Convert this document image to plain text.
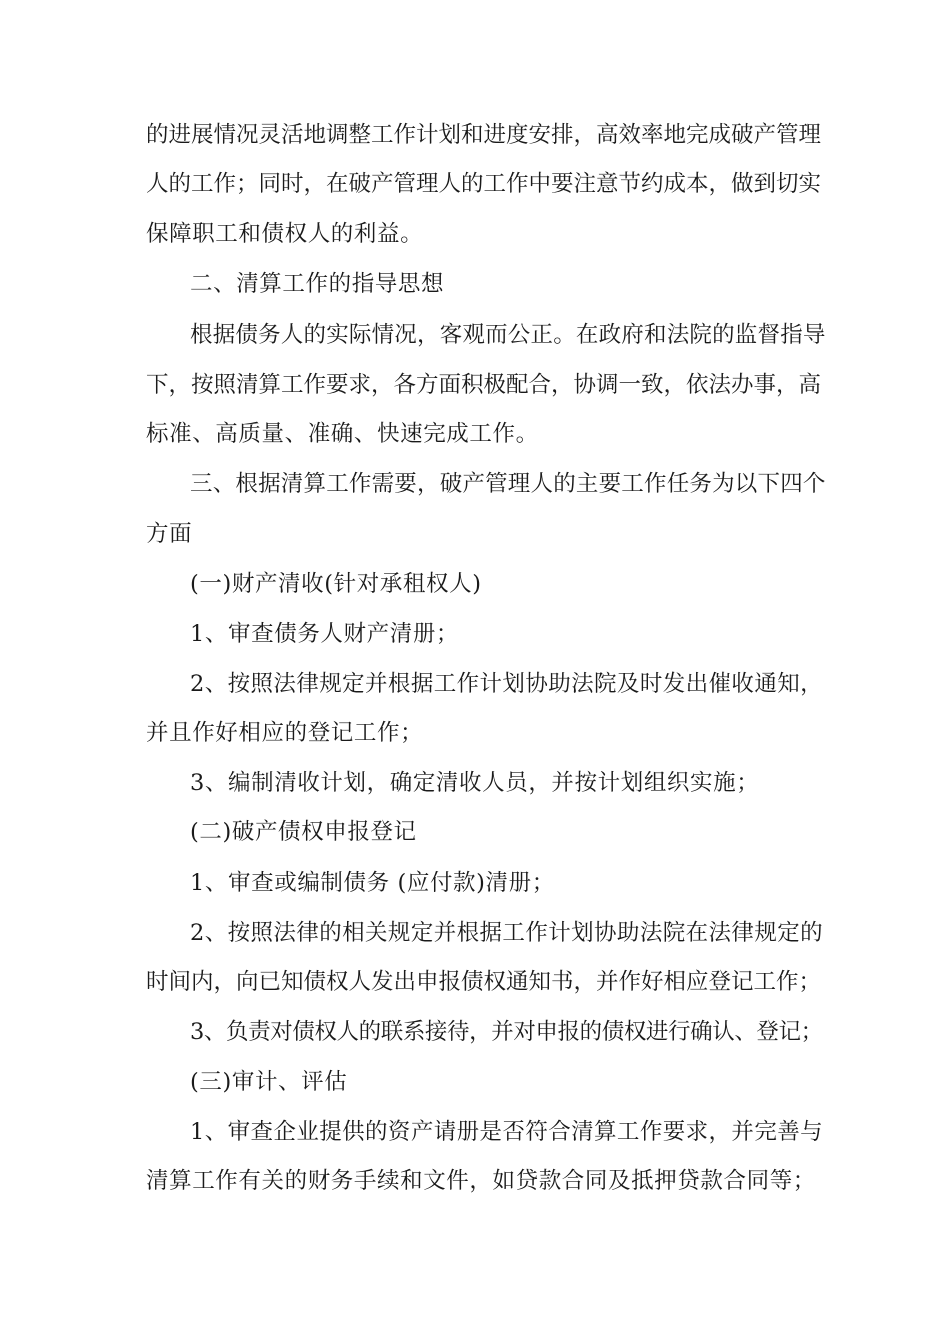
的进展情况灵活地调整工作计划和进度安排，高效率地完成破产管理
人的工作；同时，在破产管理人的工作中要注意节约成本，做到切实
保障职工和债权人的利益。
二、清算工作的指导思想
根据债务人的实际情况，客观而公正。在政府和法院的监督指导
下，按照清算工作要求，各方面积极配合，协调一致，依法办事，高
标准、高质量、准确、快速完成工作。
三、根据清算工作需要，破产管理人的主要工作任务为以下四个
方面
(一)财产清收(针对承租权人)
1、审查债务人财产清册；
2、按照法律规定并根据工作计划协助法院及时发出催收通知，
并且作好相应的登记工作；
3、编制清收计划，确定清收人员，并按计划组织实施；
(二)破产债权申报登记
1、审查或编制债务 (应付款)清册；
2、按照法律的相关规定并根据工作计划协助法院在法律规定的
时间内，向已知债权人发出申报债权通知书，并作好相应登记工作；
3、负责对债权人的联系接待，并对申报的债权进行确认、登记；
(三)审计、评估
1、审查企业提供的资产请册是否符合清算工作要求，并完善与
清算工作有关的财务手续和文件，如贷款合同及抵押贷款合同等；
